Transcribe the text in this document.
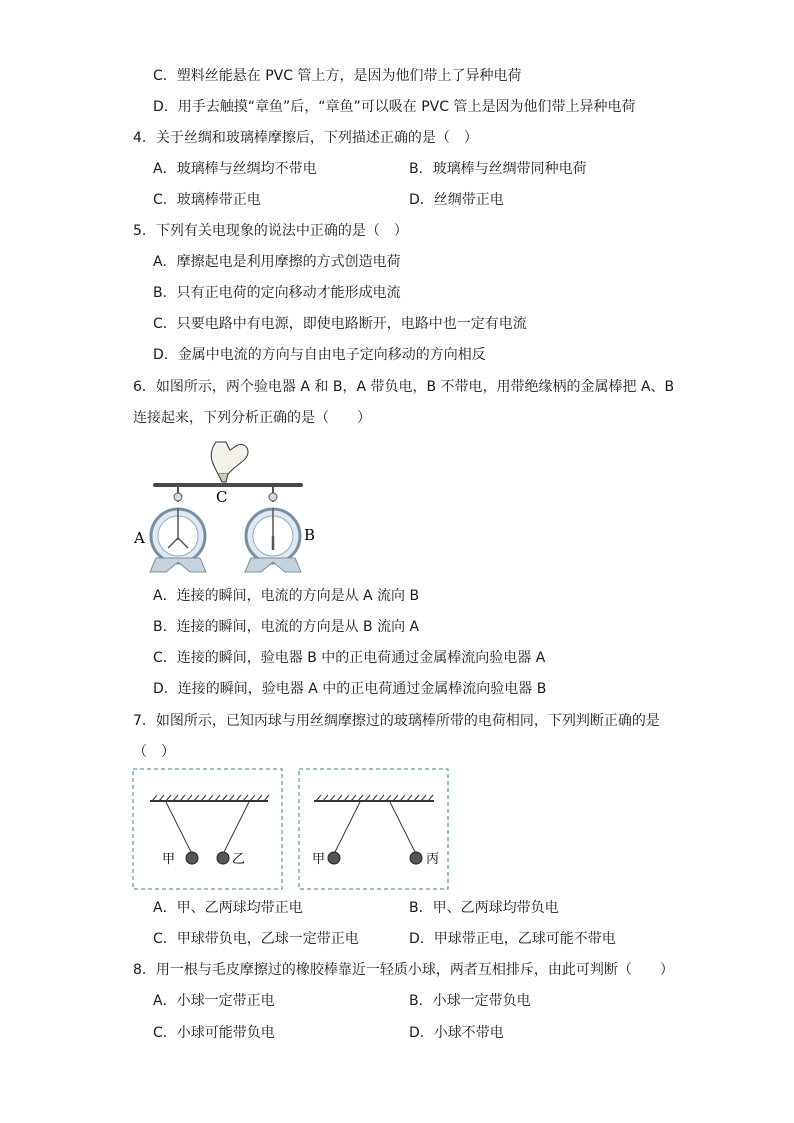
C．塑料丝能悬在 PVC 管上方，是因为他们带上了异种电荷
D．用手去触摸“章鱼”后，“章鱼”可以吸在 PVC 管上是因为他们带上异种电荷
4．关于丝绸和玻璃棒摩擦后，下列描述正确的是（　）
A．玻璃棒与丝绸均不带电	B．玻璃棒与丝绸带同种电荷
C．玻璃棒带正电	D．丝绸带正电
5．下列有关电现象的说法中正确的是（　）
A．摩擦起电是利用摩擦的方式创造电荷
B．只有正电荷的定向移动才能形成电流
C．只要电路中有电源，即使电路断开，电路中也一定有电流
D．金属中电流的方向与自由电子定向移动的方向相反
6．如图所示，两个验电器 A 和 B，A 带负电，B 不带电，用带绝缘柄的金属棒把 A、B
连接起来，下列分析正确的是（　　）
C
A	B
A．连接的瞬间，电流的方向是从 A 流向 B
B．连接的瞬间，电流的方向是从 B 流向 A
C．连接的瞬间，验电器 B 中的正电荷通过金属棒流向验电器 A
D．连接的瞬间，验电器 A 中的正电荷通过金属棒流向验电器 B
7．如图所示，已知丙球与用丝绸摩擦过的玻璃棒所带的电荷相同，下列判断正确的是
（　）
甲	乙	甲	丙
A．甲、乙两球均带正电	B．甲、乙两球均带负电
C．甲球带负电，乙球一定带正电	D．甲球带正电，乙球可能不带电
8．用一根与毛皮摩擦过的橡胶棒靠近一轻质小球，两者互相排斥，由此可判断（　　）
A．小球一定带正电	B．小球一定带负电
C．小球可能带负电	D．小球不带电
